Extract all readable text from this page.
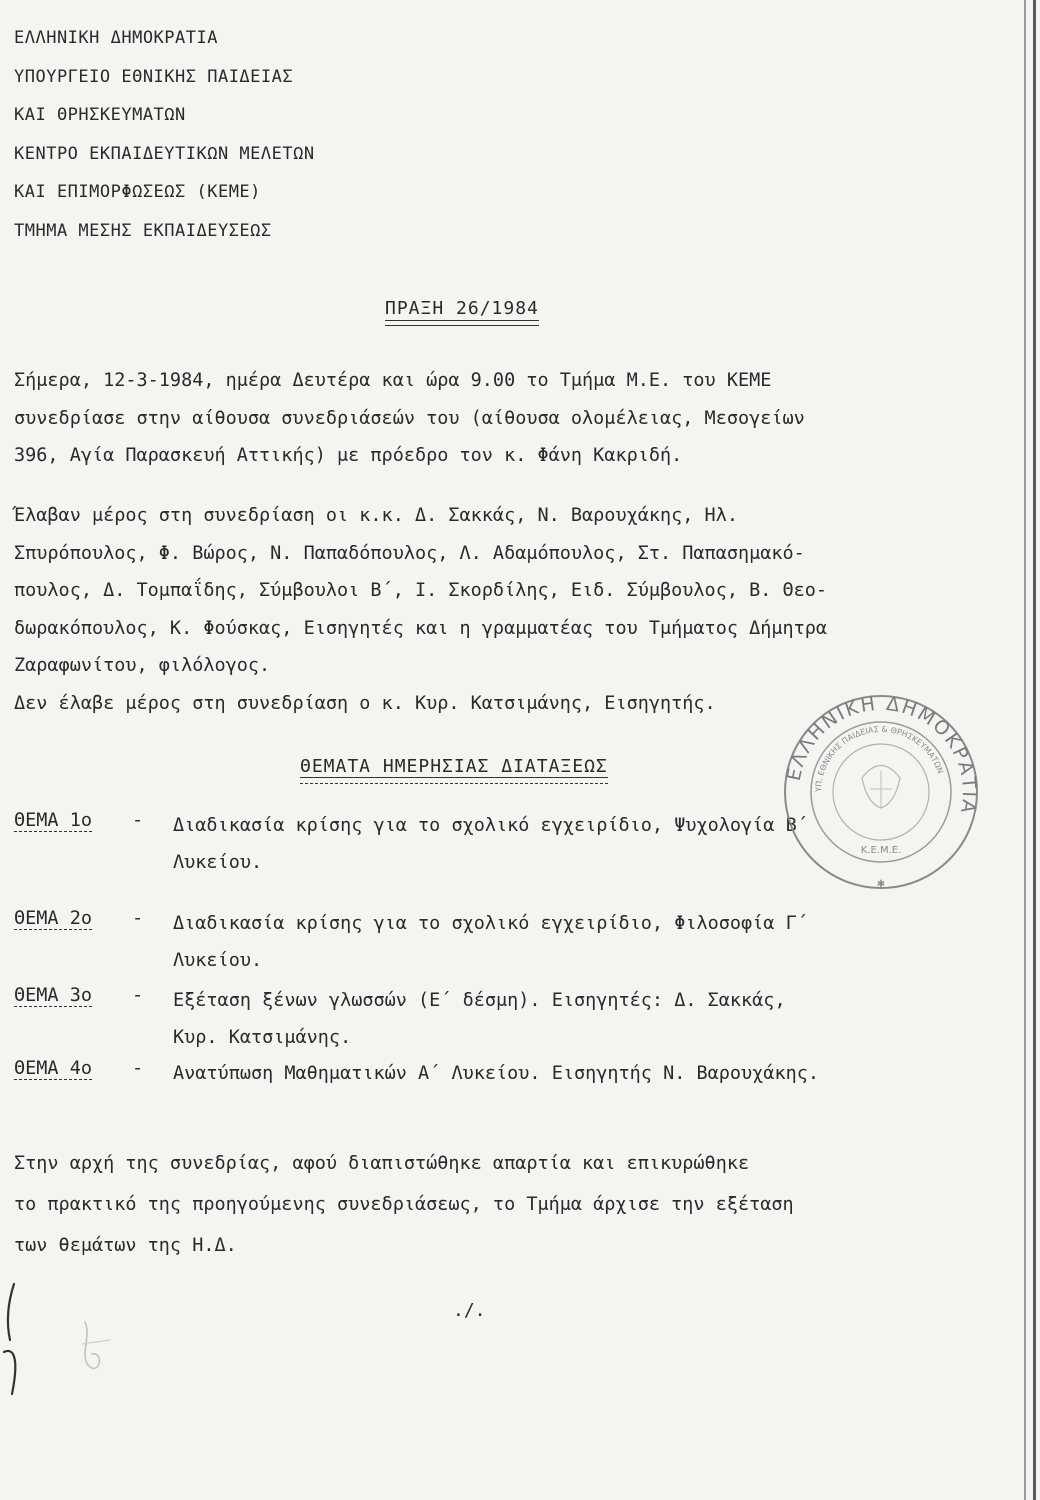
ΕΛΛΗΝΙΚΗ ΔΗΜΟΚΡΑΤΙΑ
ΥΠΟΥΡΓΕΙΟ ΕΘΝΙΚΗΣ ΠΑΙΔΕΙΑΣ
ΚΑΙ ΘΡΗΣΚΕΥΜΑΤΩΝ
ΚΕΝΤΡΟ ΕΚΠΑΙΔΕΥΤΙΚΩΝ ΜΕΛΕΤΩΝ
ΚΑΙ ΕΠΙΜΟΡΦΩΣΕΩΣ (ΚΕΜΕ)
ΤΜΗΜΑ ΜΕΣΗΣ ΕΚΠΑΙΔΕΥΣΕΩΣ
ΠΡΑΞΗ 26/1984
Σήμερα, 12-3-1984, ημέρα Δευτέρα και ώρα 9.00 το Τμήμα Μ.Ε. του ΚΕΜΕ
συνεδρίασε στην αίθουσα συνεδριάσεών του (αίθουσα ολομέλειας, Μεσογείων
396, Αγία Παρασκευή Αττικής) με πρόεδρο τον κ. Φάνη Κακριδή.
Έλαβαν μέρος στη συνεδρίαση οι κ.κ. Δ. Σακκάς, Ν. Βαρουχάκης, Ηλ.
Σπυρόπουλος, Φ. Βώρος, Ν. Παπαδόπουλος, Λ. Αδαμόπουλος, Στ. Παπασημακό-
πουλος, Δ. Τομπαΐδης, Σύμβουλοι Β΄, Ι. Σκορδίλης, Ειδ. Σύμβουλος, Β. Θεο-
δωρακόπουλος, Κ. Φούσκας, Εισηγητές και η γραμματέας του Τμήματος Δήμητρα
Ζαραφωνίτου, φιλόλογος.
Δεν έλαβε μέρος στη συνεδρίαση ο κ. Κυρ. Κατσιμάνης, Εισηγητής.
ΘΕΜΑΤΑ ΗΜΕΡΗΣΙΑΣ ΔΙΑΤΑΞΕΩΣ
ΘΕΜΑ 1ο - Διαδικασία κρίσης για το σχολικό εγχειρίδιο, Ψυχολογία Β΄
Λυκείου.
ΘΕΜΑ 2ο - Διαδικασία κρίσης για το σχολικό εγχειρίδιο, Φιλοσοφία Γ΄
Λυκείου.
ΘΕΜΑ 3ο - Εξέταση ξένων γλωσσών (Ε΄ δέσμη). Εισηγητές: Δ. Σακκάς,
Κυρ. Κατσιμάνης.
ΘΕΜΑ 4ο - Ανατύπωση Μαθηματικών Α΄ Λυκείου. Εισηγητής Ν. Βαρουχάκης.
Στην αρχή της συνεδρίας, αφού διαπιστώθηκε απαρτία και επικυρώθηκε
το πρακτικό της προηγούμενης συνεδριάσεως, το Τμήμα άρχισε την εξέταση
των θεμάτων της Η.Δ.
./.
ΕΛΛΗΝΙΚΗ ΔΗΜΟΚΡΑΤΙΑ
ΥΠ. ΕΘΝΙΚΗΣ ΠΑΙΔΕΙΑΣ & ΘΡΗΣΚΕΥΜΑΤΩΝ
Κ.Ε.Μ.Ε.
✱
